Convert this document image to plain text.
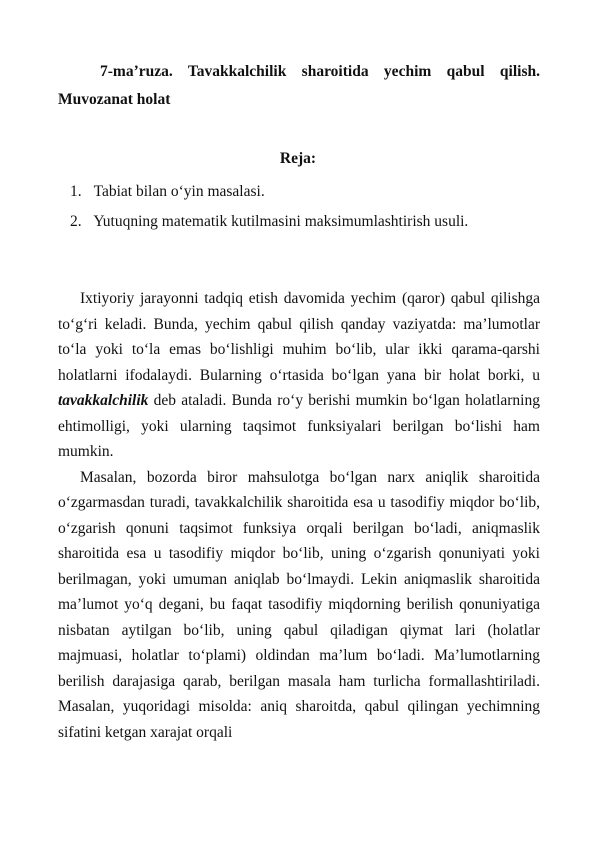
7-ma’ruza. Tavakkalchilik sharoitida yechim qabul qilish. Muvozanat holat
Reja:
1. Tabiat bilan o‘yin masalasi.
2. Yutuqning matematik kutilmasini maksimumlashtirish usuli.

Ixtiyoriy jarayonni tadqiq etish davomida yechim (qaror) qabul qilishga to‘g‘ri keladi. Bunda, yechim qabul qilish qanday vaziyatda: ma’lumotlar to‘la yoki to‘la emas bo‘lishligi muhim bo‘lib, ular ikki qarama-qarshi holatlarni ifodalaydi. Bularning o‘rtasida bo‘lgan yana bir holat borki, u tavakkalchilik deb ataladi. Bunda ro‘y berishi mumkin bo‘lgan holatlarning ehtimolligi, yoki ularning taqsimot funksiyalari berilgan bo‘lishi ham mumkin.

Masalan, bozorda biror mahsulotga bo‘lgan narx aniqlik sharoitida o‘zgarmasdan turadi, tavakkalchilik sharoitida esa u tasodifiy miqdor bo‘lib, o‘zgarish qonuni taqsimot funksiya orqali berilgan bo‘ladi, aniqmaslik sharoitida esa u tasodifiy miqdor bo‘lib, uning o‘zgarish qonuniyati yoki berilmagan, yoki umuman aniqlab bo‘lmaydi. Lekin aniqmaslik sharoitida ma’lumot yo‘q degani, bu faqat tasodifiy miqdorning berilish qonuniyatiga nisbatan aytilgan bo‘lib, uning qabul qiladigan qiymat lari (holatlar majmuasi, holatlar to‘plami) oldindan ma’lum bo‘ladi. Ma’lumotlarning berilish darajasiga qarab, berilgan masala ham turlicha formallashtiriladi. Masalan, yuqoridagi misolda: aniq sharoitda, qabul qilingan yechimning sifatini ketgan xarajat orqali
